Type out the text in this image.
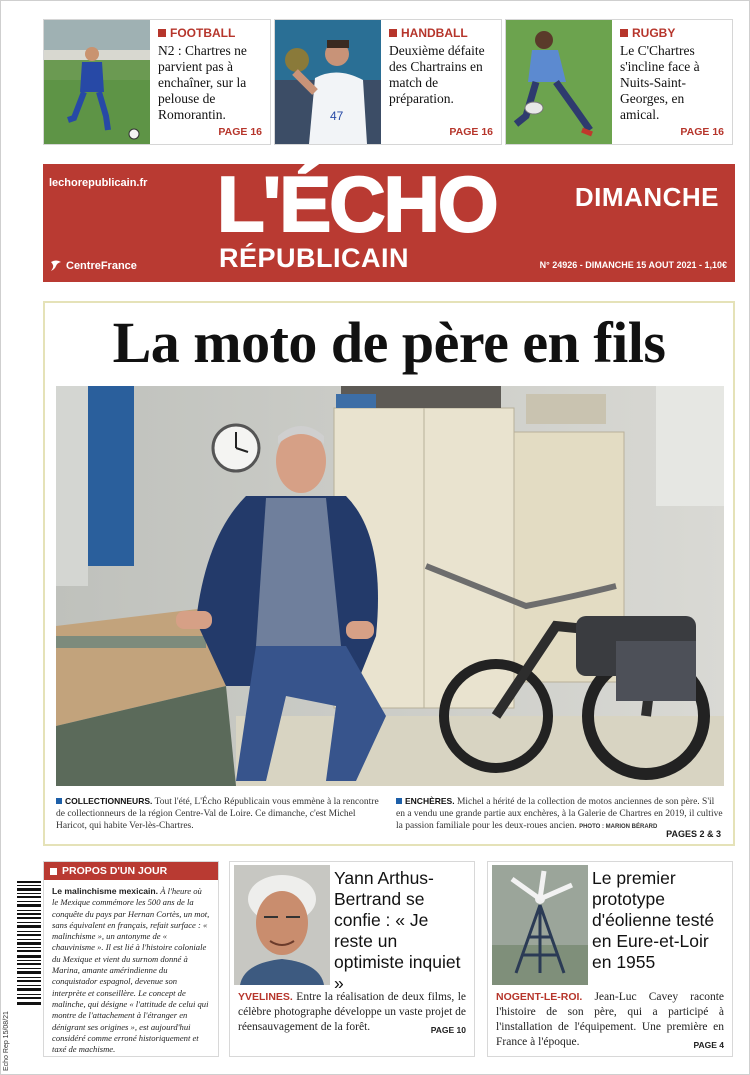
FOOTBALL
N2 : Chartres ne parvient pas à enchaîner, sur la pelouse de Romorantin.
PAGE 16
47
HANDBALL
Deuxième défaite des Chartrains en match de préparation.
PAGE 16
RUGBY
Le C'Chartres s'incline face à Nuits-Saint-Georges, en amical.
PAGE 16
lechorepublicain.fr L'ÉCHO
RÉPUBLICAIN
DIMANCHE
CentreFrance	N° 24926 - DIMANCHE 15 AOUT 2021 - 1,10€
La moto de père en fils
COLLECTIONNEURS. Tout l'été, L'Écho Républicain vous emmène à la rencontre de collectionneurs de la région Centre-Val de Loire. Ce dimanche, c'est Michel Haricot, qui habite Ver-lès-Chartres.
ENCHÈRES. Michel a hérité de la collection de motos anciennes de son père. S'il en a vendu une grande partie aux enchères, à la Galerie de Chartres en 2019, il cultive la passion familiale pour les deux-roues ancien. PHOTO : MARION BÉRARD
PAGES 2 & 3
Echo Rep 15/08/21
PROPOS D'UN JOUR
Le malinchisme mexicain. À l'heure où le Mexique commémore les 500 ans de la conquête du pays par Hernan Cortès, un mot, sans équivalent en français, refait surface : « malinchisme », un antonyme de « chauvinisme ». Il est lié à l'histoire coloniale du Mexique et vient du surnom donné à Marina, amante amérindienne du conquistador espagnol, devenue son interprète et conseillère. Le concept de malinche, qui désigne « l'attitude de celui qui montre de l'attachement à l'étranger en dénigrant ses origines », est aujourd'hui considéré comme erroné historiquement et taxé de machisme.
Yann Arthus-Bertrand se confie : « Je reste un optimiste inquiet »
YVELINES. Entre la réalisation de deux films, le célèbre photographe développe un vaste projet de réensauvagement de la forêt.	PAGE 10
Le premier prototype d'éolienne testé en Eure-et-Loir en 1955
NOGENT-LE-ROI. Jean-Luc Cavey raconte l'histoire de son père, qui a participé à l'installation de l'équipement. Une première en France à l'époque.	PAGE 4
